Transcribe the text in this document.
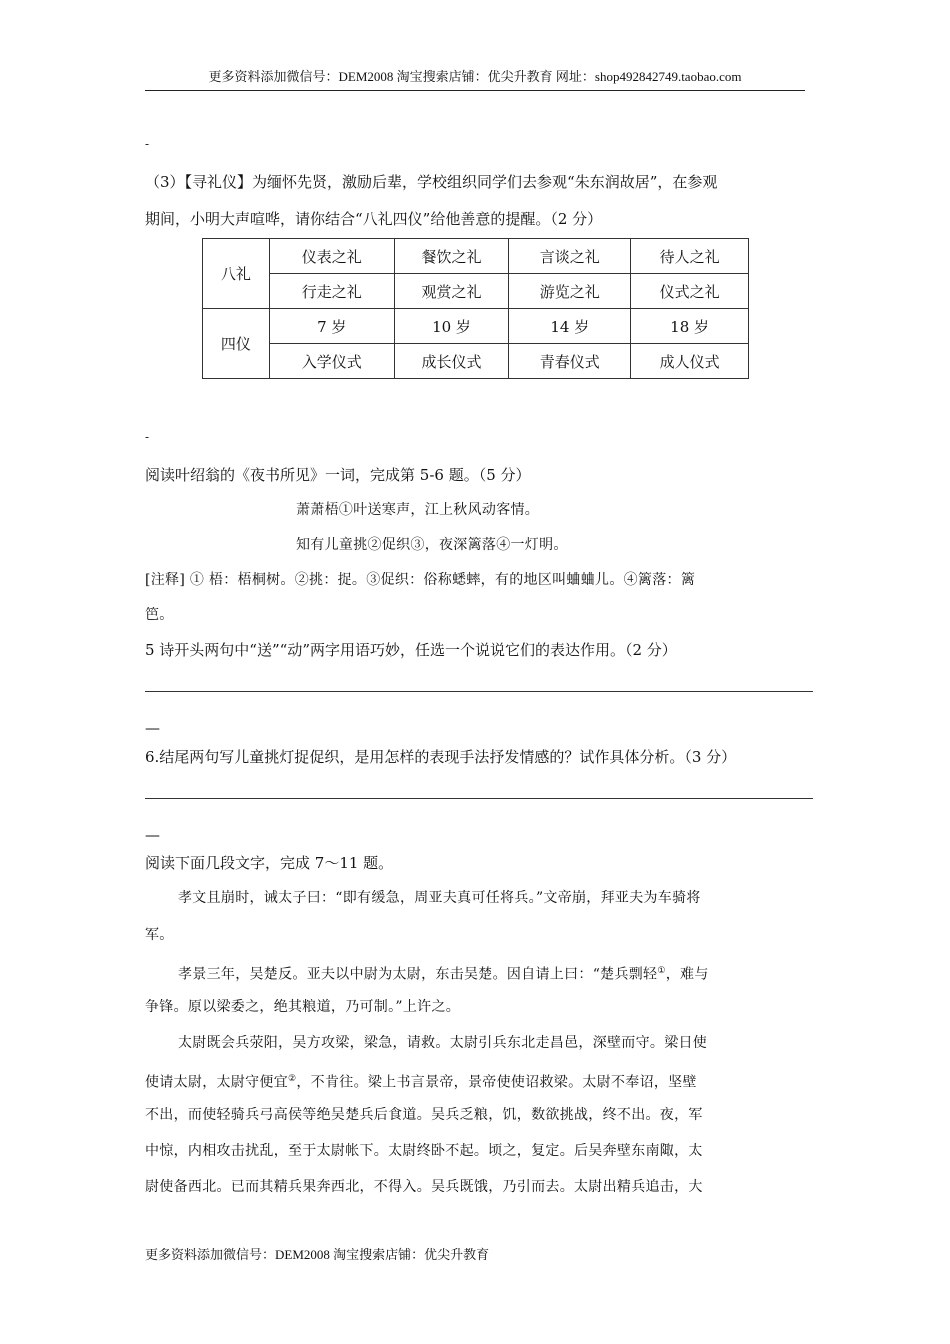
更多资料添加微信号：DEM2008 淘宝搜索店铺：优尖升教育 网址：shop492842749.taobao.com
-
（3）【寻礼仪】为缅怀先贤，激励后辈，学校组织同学们去参观“朱东润故居”，在参观
期间，小明大声喧哗，请你结合“八礼四仪”给他善意的提醒。（2 分）
八礼	仪表之礼	餐饮之礼	言谈之礼	待人之礼
	行走之礼	观赏之礼	游览之礼	仪式之礼
四仪	7 岁	10 岁	14 岁	18 岁
	入学仪式	成长仪式	青春仪式	成人仪式
-
阅读叶绍翁的《夜书所见》一词，完成第 5-6 题。（5 分）
萧萧梧①叶送寒声，江上秋风动客情。
知有儿童挑②促织③，夜深篱落④一灯明。
[注释] ① 梧：梧桐树。②挑：捉。③促织：俗称蟋蟀，有的地区叫蛐蛐儿。④篱落：篱
笆。
5 诗开头两句中“送”“动”两字用语巧妙，任选一个说说它们的表达作用。（2 分）
—
6.结尾两句写儿童挑灯捉促织，是用怎样的表现手法抒发情感的？试作具体分析。（3 分）
—
阅读下面几段文字，完成 7～11 题。
孝文且崩时，诫太子曰：“即有缓急，周亚夫真可任将兵。”文帝崩，拜亚夫为车骑将
军。
孝景三年，吴楚反。亚夫以中尉为太尉，东击吴楚。因自请上曰：“楚兵剽轻①，难与
争锋。原以梁委之，绝其粮道，乃可制。”上许之。
太尉既会兵荥阳，吴方攻梁，梁急，请救。太尉引兵东北走昌邑，深壁而守。梁日使
使请太尉，太尉守便宜②，不肯往。梁上书言景帝，景帝使使诏救梁。太尉不奉诏，坚壁
不出，而使轻骑兵弓高侯等绝吴楚兵后食道。吴兵乏粮，饥，数欲挑战，终不出。夜，军
中惊，内相攻击扰乱，至于太尉帐下。太尉终卧不起。顷之，复定。后吴奔壁东南陬，太
尉使备西北。已而其精兵果奔西北，不得入。吴兵既饿，乃引而去。太尉出精兵追击，大
更多资料添加微信号：DEM2008 淘宝搜索店铺：优尖升教育
